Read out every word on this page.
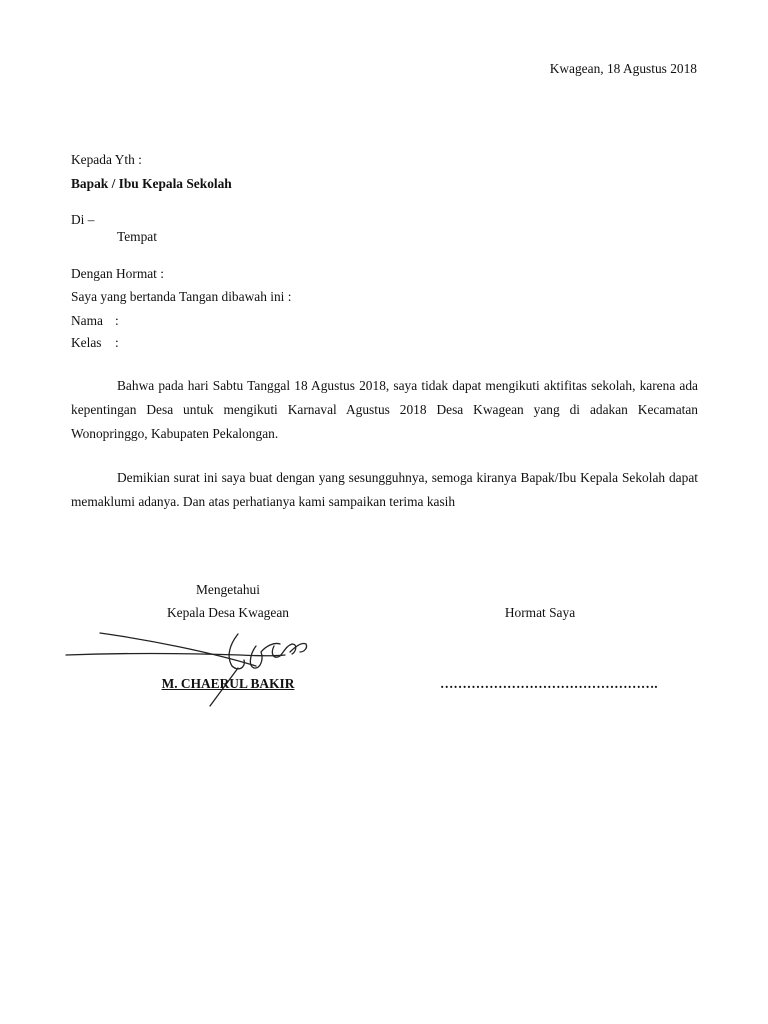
Kwagean, 18 Agustus 2018
Kepada Yth :
Bapak / Ibu Kepala Sekolah
Di –
Tempat
Dengan Hormat :
Saya yang bertanda Tangan dibawah ini :
Nama :
Kelas :
Bahwa pada hari Sabtu Tanggal 18 Agustus 2018, saya tidak dapat mengikuti aktifitas sekolah, karena ada kepentingan Desa untuk mengikuti Karnaval Agustus 2018 Desa Kwagean yang di adakan Kecamatan Wonopringgo, Kabupaten Pekalongan.
Demikian surat ini saya buat dengan yang sesungguhnya, semoga kiranya Bapak/Ibu Kepala Sekolah dapat memaklumi adanya. Dan atas perhatianya kami sampaikan terima kasih
Mengetahui
Kepala Desa Kwagean	Hormat Saya
M. CHAERUL BAKIR	………………………………………….
